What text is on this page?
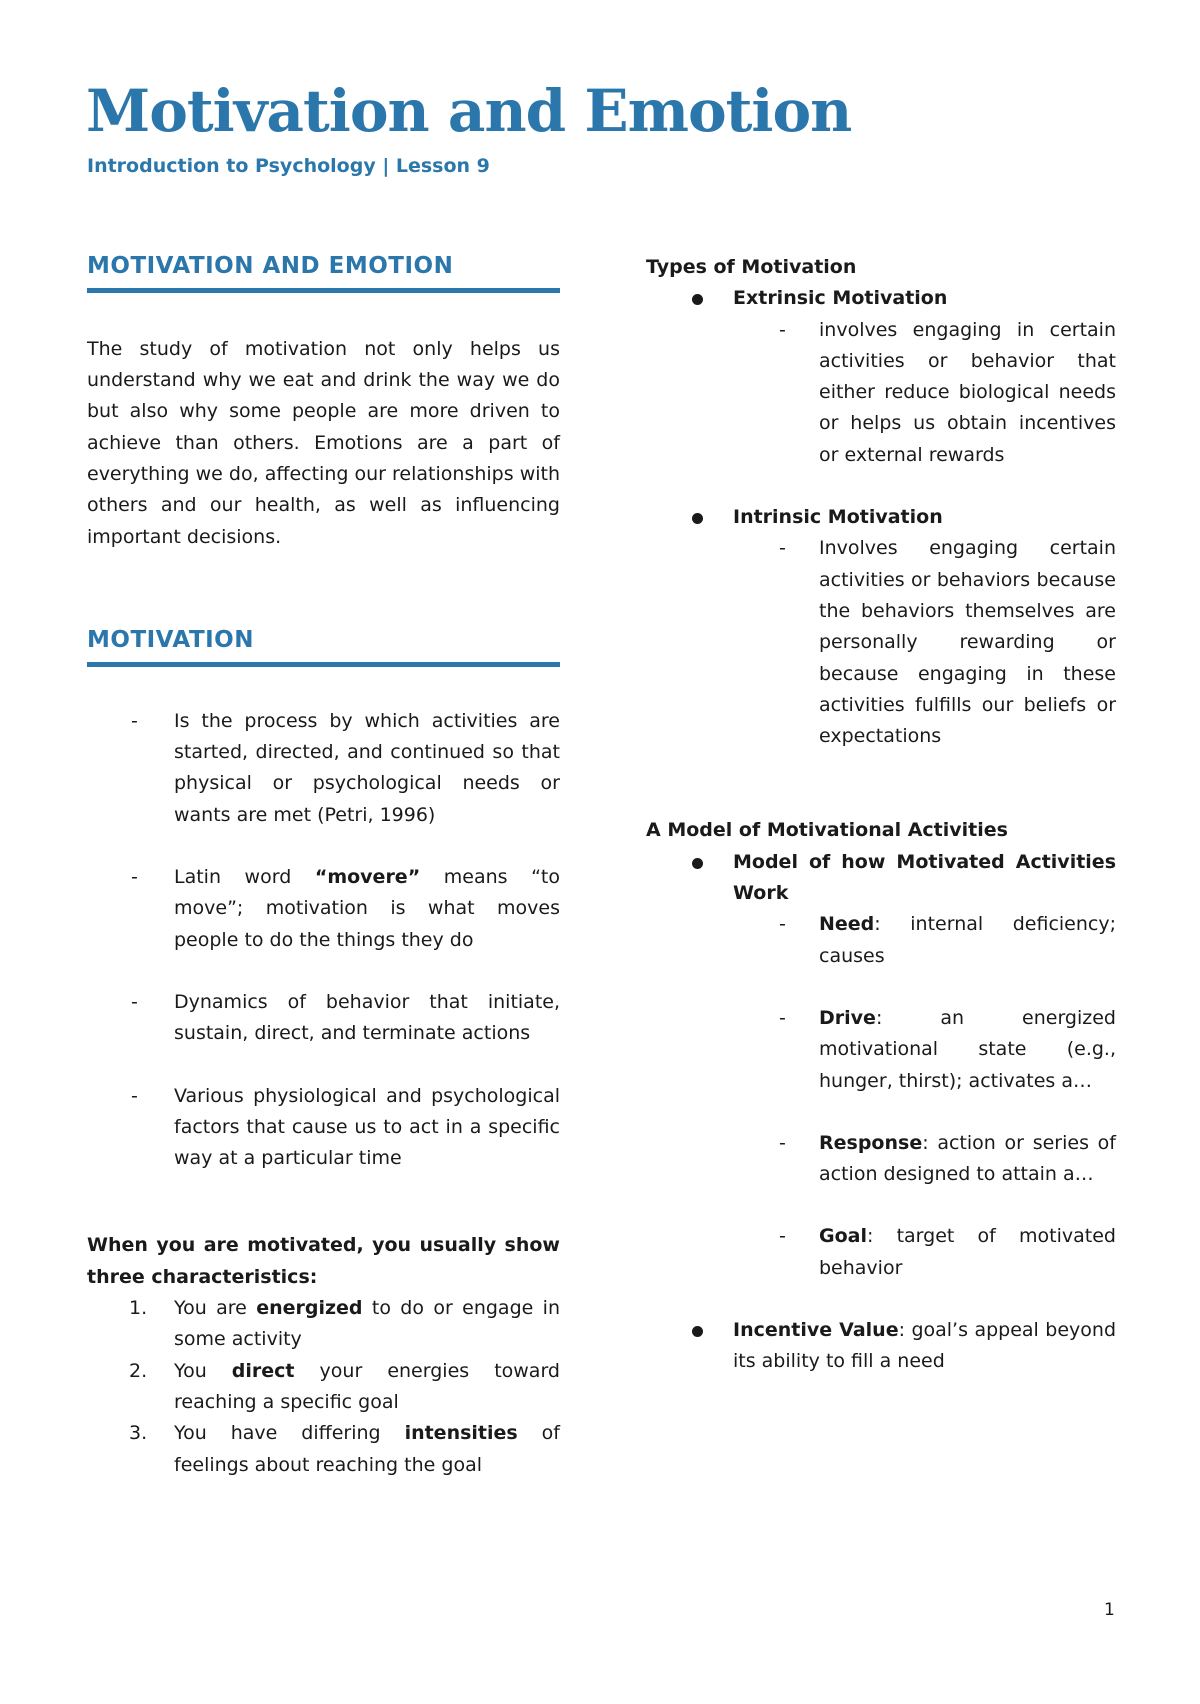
Motivation and Emotion

Introduction to Psychology | Lesson 9

MOTIVATION AND EMOTION

The study of motivation not only helps us understand why we eat and drink the way we do but also why some people are more driven to achieve than others. Emotions are a part of everything we do, affecting our relationships with others and our health, as well as influencing important decisions.

MOTIVATION
- Is the process by which activities are started, directed, and continued so that physical or psychological needs or wants are met (Petri, 1996)
- Latin word “movere” means “to move”; motivation is what moves people to do the things they do
- Dynamics of behavior that initiate, sustain, direct, and terminate actions
- Various physiological and psychological factors that cause us to act in a specific way at a particular time

When you are motivated, you usually show three characteristics:

1. You are energized to do or engage in some activity
2. You direct your energies toward reaching a specific goal
3. You have differing intensities of feelings about reaching the goal

Types of Motivation

Extrinsic Motivation
- involves engaging in certain activities or behavior that either reduce biological needs or helps us obtain incentives or external rewards
Intrinsic Motivation
- Involves engaging certain activities or behaviors because the behaviors themselves are personally rewarding or because engaging in these activities fulfills our beliefs or expectations

A Model of Motivational Activities

Model of how Motivated Activities Work
- Need: internal deficiency; causes
- Drive: an energized motivational state (e.g., hunger, thirst); activates a…
- Response: action or series of action designed to attain a…
- Goal: target of motivated behavior
Incentive Value: goal’s appeal beyond its ability to fill a need
1
